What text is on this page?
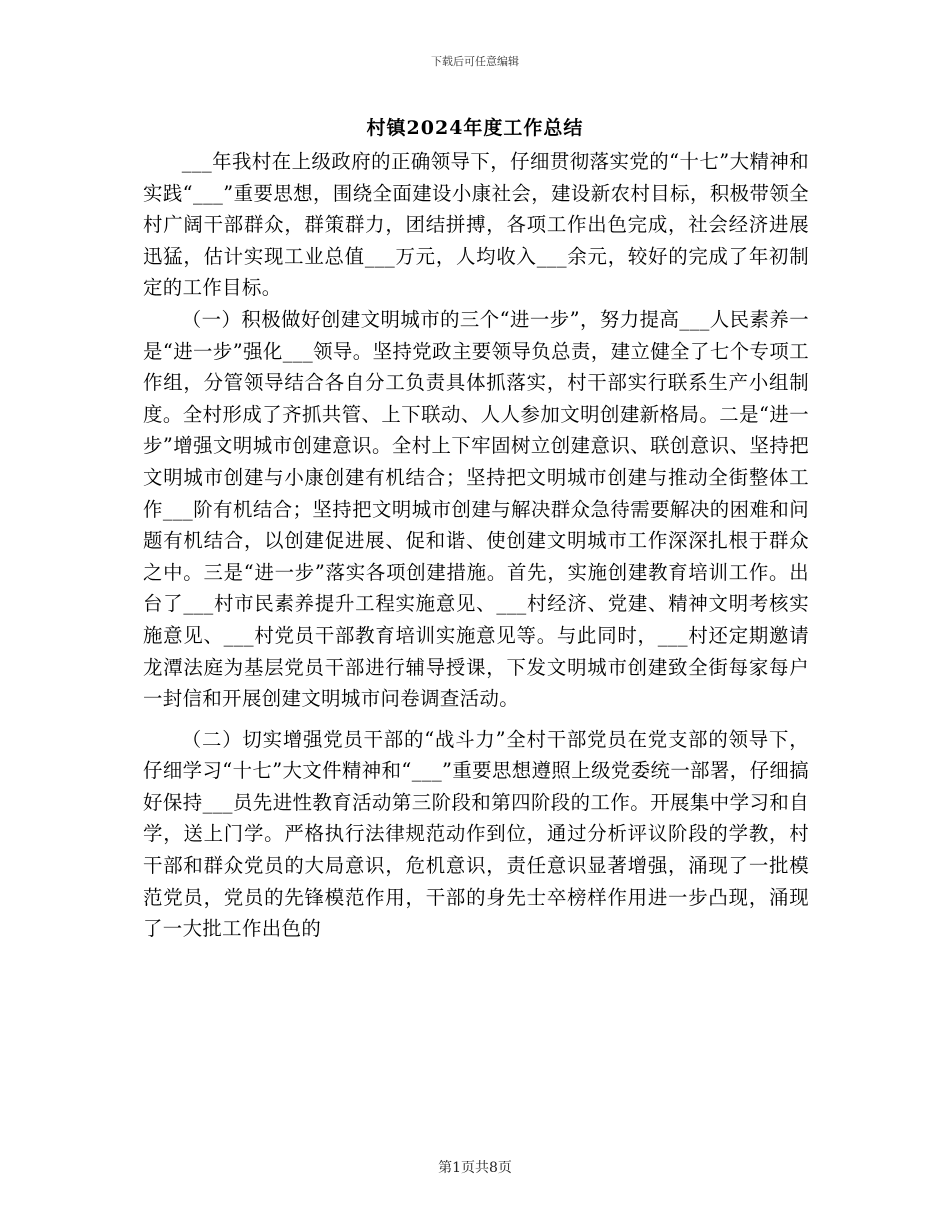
下载后可任意编辑
村镇2024年度工作总结

___年我村在上级政府的正确领导下，仔细贯彻落实党的“十七”大精神和实践“___”重要思想，围绕全面建设小康社会，建设新农村目标，积极带领全村广阔干部群众，群策群力，团结拼搏，各项工作出色完成，社会经济进展迅猛，估计实现工业总值___万元，人均收入___余元，较好的完成了年初制定的工作目标。

（一）积极做好创建文明城市的三个“进一步”，努力提高___人民素养一是“进一步”强化___领导。坚持党政主要领导负总责，建立健全了七个专项工作组，分管领导结合各自分工负责具体抓落实，村干部实行联系生产小组制度。全村形成了齐抓共管、上下联动、人人参加文明创建新格局。二是“进一步”增强文明城市创建意识。全村上下牢固树立创建意识、联创意识、坚持把文明城市创建与小康创建有机结合；坚持把文明城市创建与推动全街整体工作___阶有机结合；坚持把文明城市创建与解决群众急待需要解决的困难和问题有机结合，以创建促进展、促和谐、使创建文明城市工作深深扎根于群众之中。三是“进一步”落实各项创建措施。首先，实施创建教育培训工作。出台了___村市民素养提升工程实施意见、___村经济、党建、精神文明考核实施意见、___村党员干部教育培训实施意见等。与此同时，___村还定期邀请龙潭法庭为基层党员干部进行辅导授课，下发文明城市创建致全街每家每户一封信和开展创建文明城市问卷调查活动。

（二）切实增强党员干部的“战斗力”全村干部党员在党支部的领导下，仔细学习“十七”大文件精神和“___”重要思想遵照上级党委统一部署，仔细搞好保持___员先进性教育活动第三阶段和第四阶段的工作。开展集中学习和自学，送上门学。严格执行法律规范动作到位，通过分析评议阶段的学教，村干部和群众党员的大局意识，危机意识，责任意识显著增强，涌现了一批模范党员，党员的先锋模范作用，干部的身先士卒榜样作用进一步凸现，涌现了一大批工作出色的

第1页共8页
